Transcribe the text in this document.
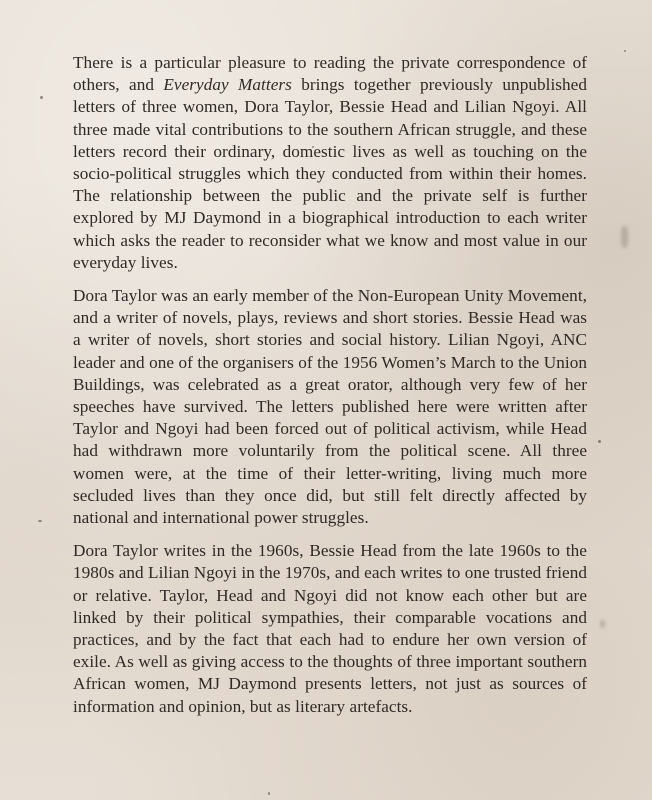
There is a particular pleasure to reading the private correspondence of others, and Everyday Matters brings together previously unpublished letters of three women, Dora Taylor, Bessie Head and Lilian Ngoyi. All three made vital contributions to the southern African struggle, and these letters record their ordinary, domestic lives as well as touching on the socio-political struggles which they conducted from within their homes. The relationship between the public and the private self is further explored by MJ Daymond in a biographical introduction to each writer which asks the reader to reconsider what we know and most value in our everyday lives.

Dora Taylor was an early member of the Non-European Unity Movement, and a writer of novels, plays, reviews and short stories. Bessie Head was a writer of novels, short stories and social history. Lilian Ngoyi, ANC leader and one of the organisers of the 1956 Women’s March to the Union Buildings, was celebrated as a great orator, although very few of her speeches have survived. The letters published here were written after Taylor and Ngoyi had been forced out of political activism, while Head had withdrawn more voluntarily from the political scene. All three women were, at the time of their letter-writing, living much more secluded lives than they once did, but still felt directly affected by national and international power struggles.

Dora Taylor writes in the 1960s, Bessie Head from the late 1960s to the 1980s and Lilian Ngoyi in the 1970s, and each writes to one trusted friend or relative. Taylor, Head and Ngoyi did not know each other but are linked by their political sympathies, their comparable vocations and practices, and by the fact that each had to endure her own version of exile. As well as giving access to the thoughts of three important southern African women, MJ Daymond presents letters, not just as sources of information and opinion, but as literary artefacts.
